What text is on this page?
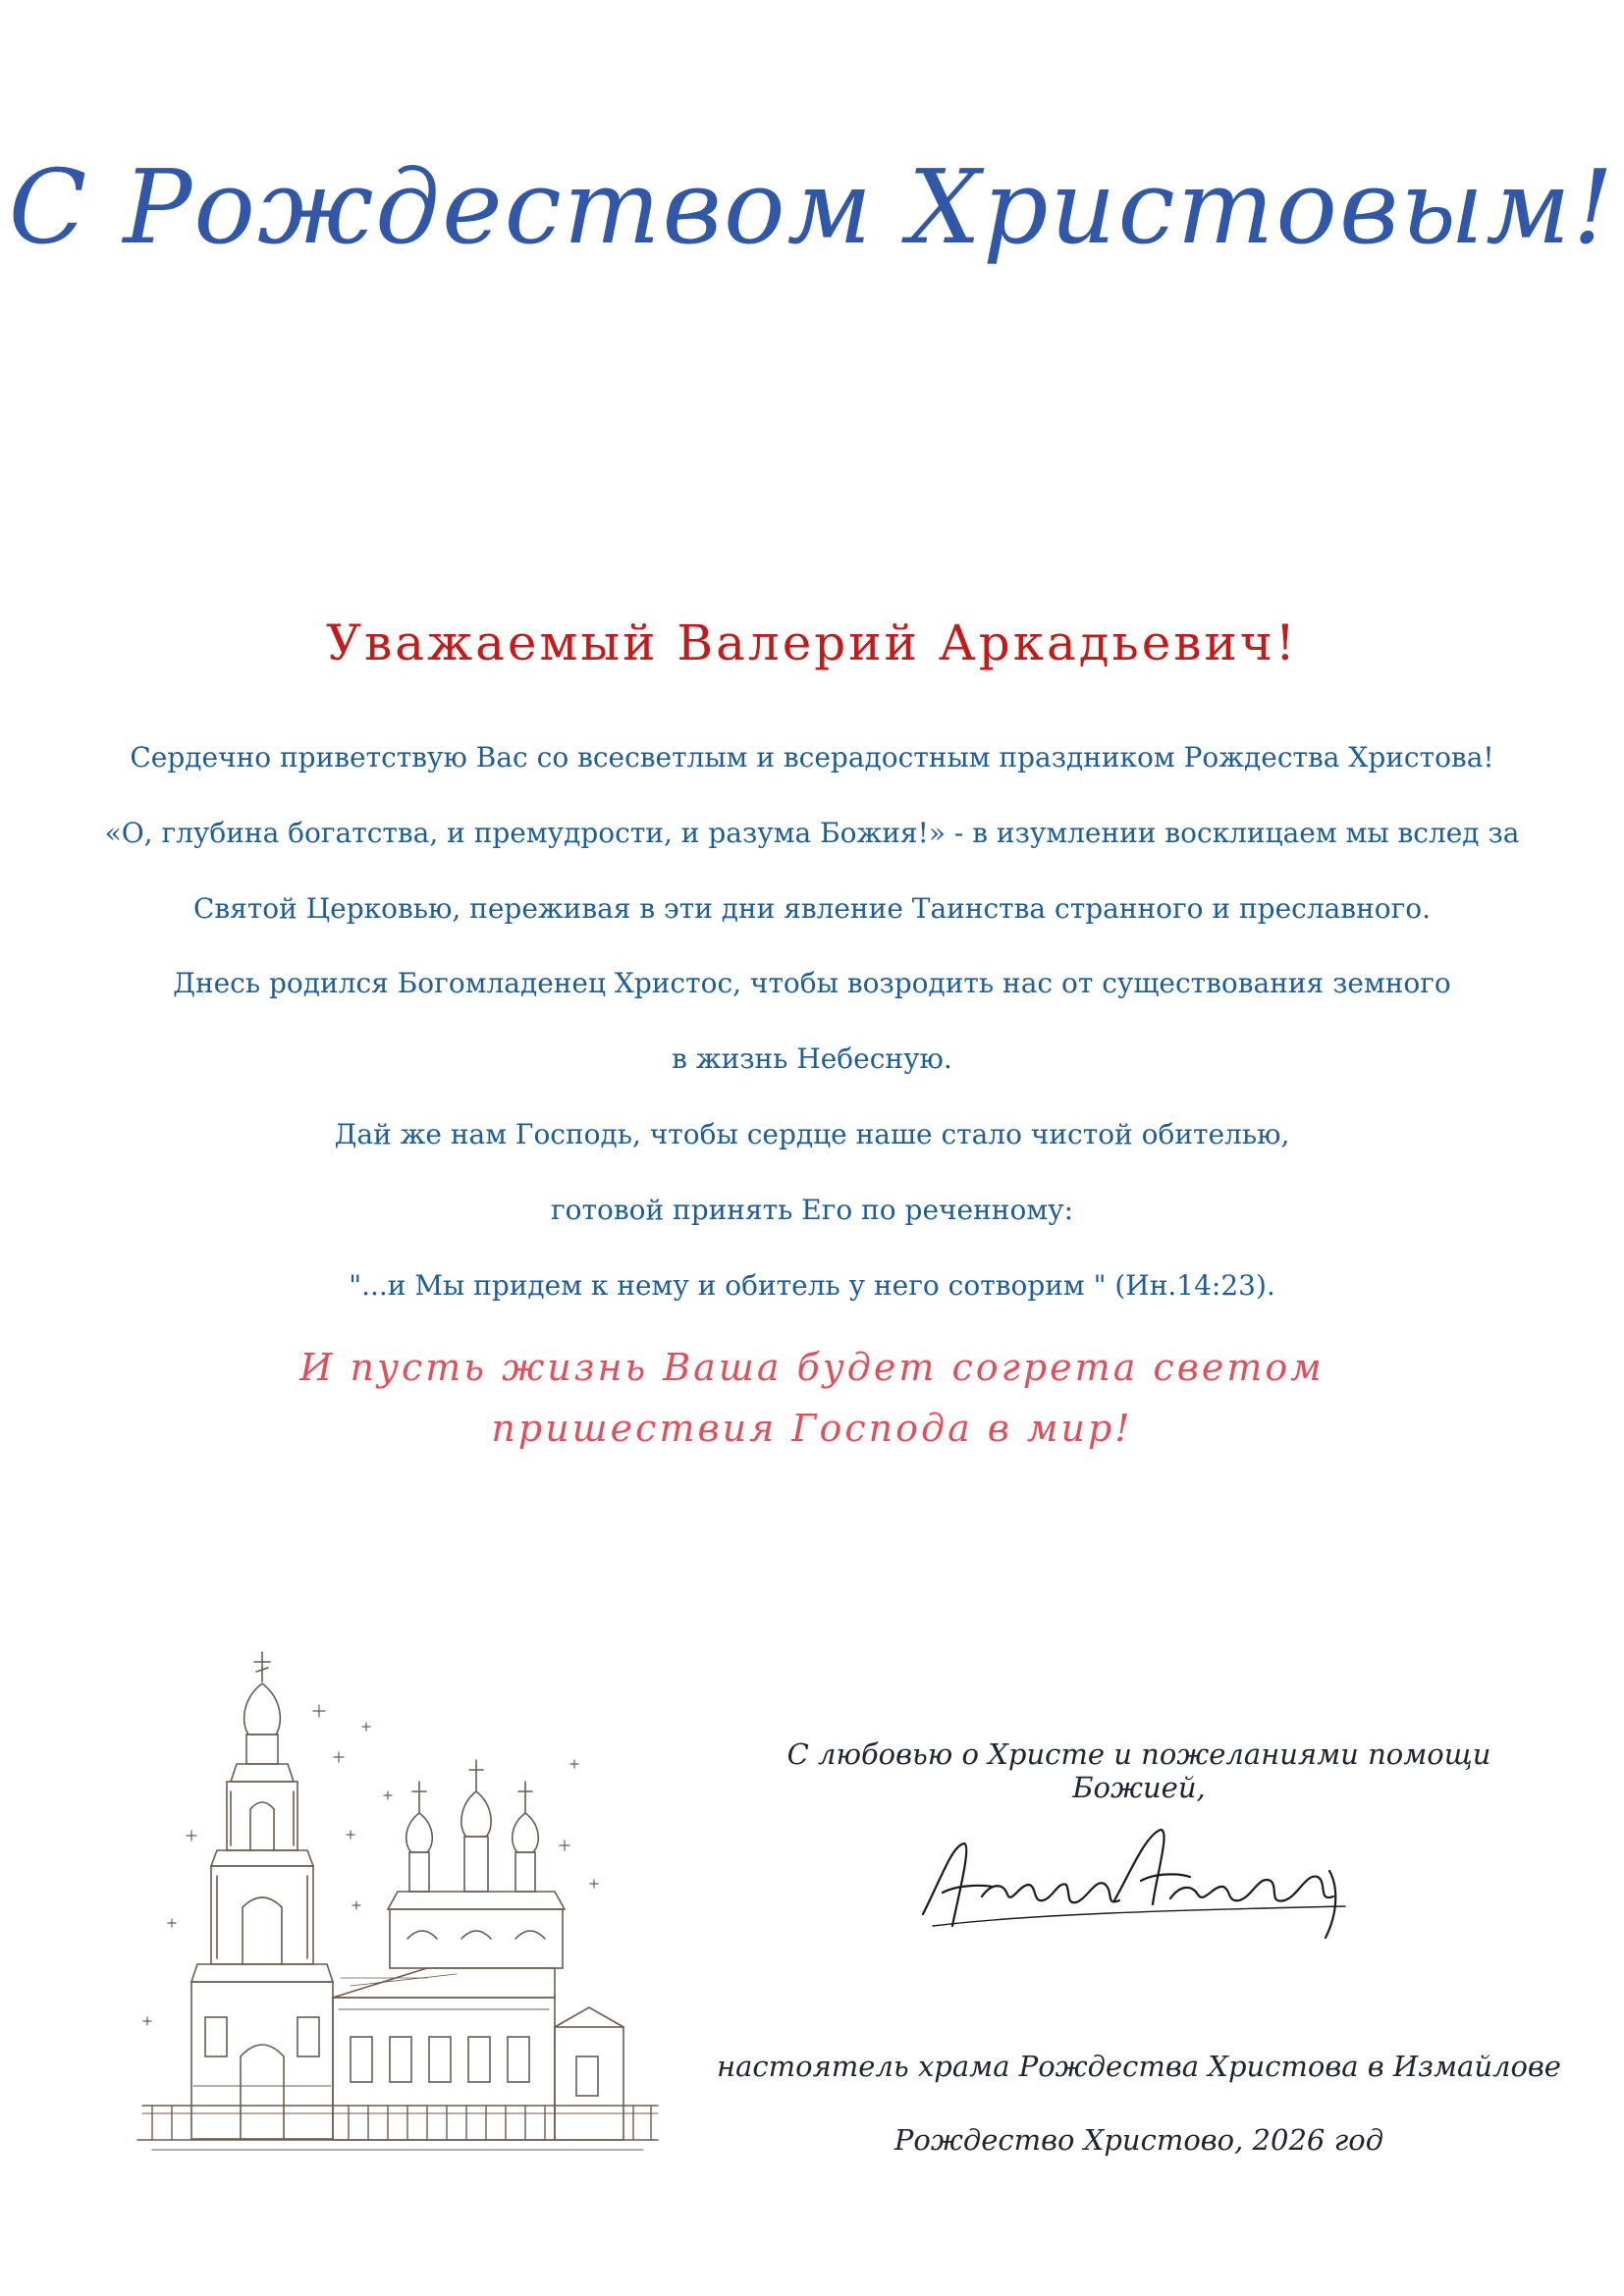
С Рождеством Христовым!
Уважаемый Валерий Аркадьевич!
Сердечно приветствую Вас со всесветлым и всерадостным праздником Рождества Христова!
«О, глубина богатства, и премудрости, и разума Божия!» - в изумлении восклицаем мы вслед за
Святой Церковью, переживая в эти дни явление Таинства странного и преславного.
Днесь родился Богомладенец Христос, чтобы возродить нас от существования земного
в жизнь Небесную.
Дай же нам Господь, чтобы сердце наше стало чистой обителью,
готовой принять Его по реченному:
"...и Мы придем к нему и обитель у него сотворим " (Ин.14:23).
И пусть жизнь Ваша будет согрета светом
пришествия Господа в мир!
С любовью о Христе и пожеланиями помощи Божией,
настоятель храма Рождества Христова в Измайлове
Рождество Христово, 2026 год
